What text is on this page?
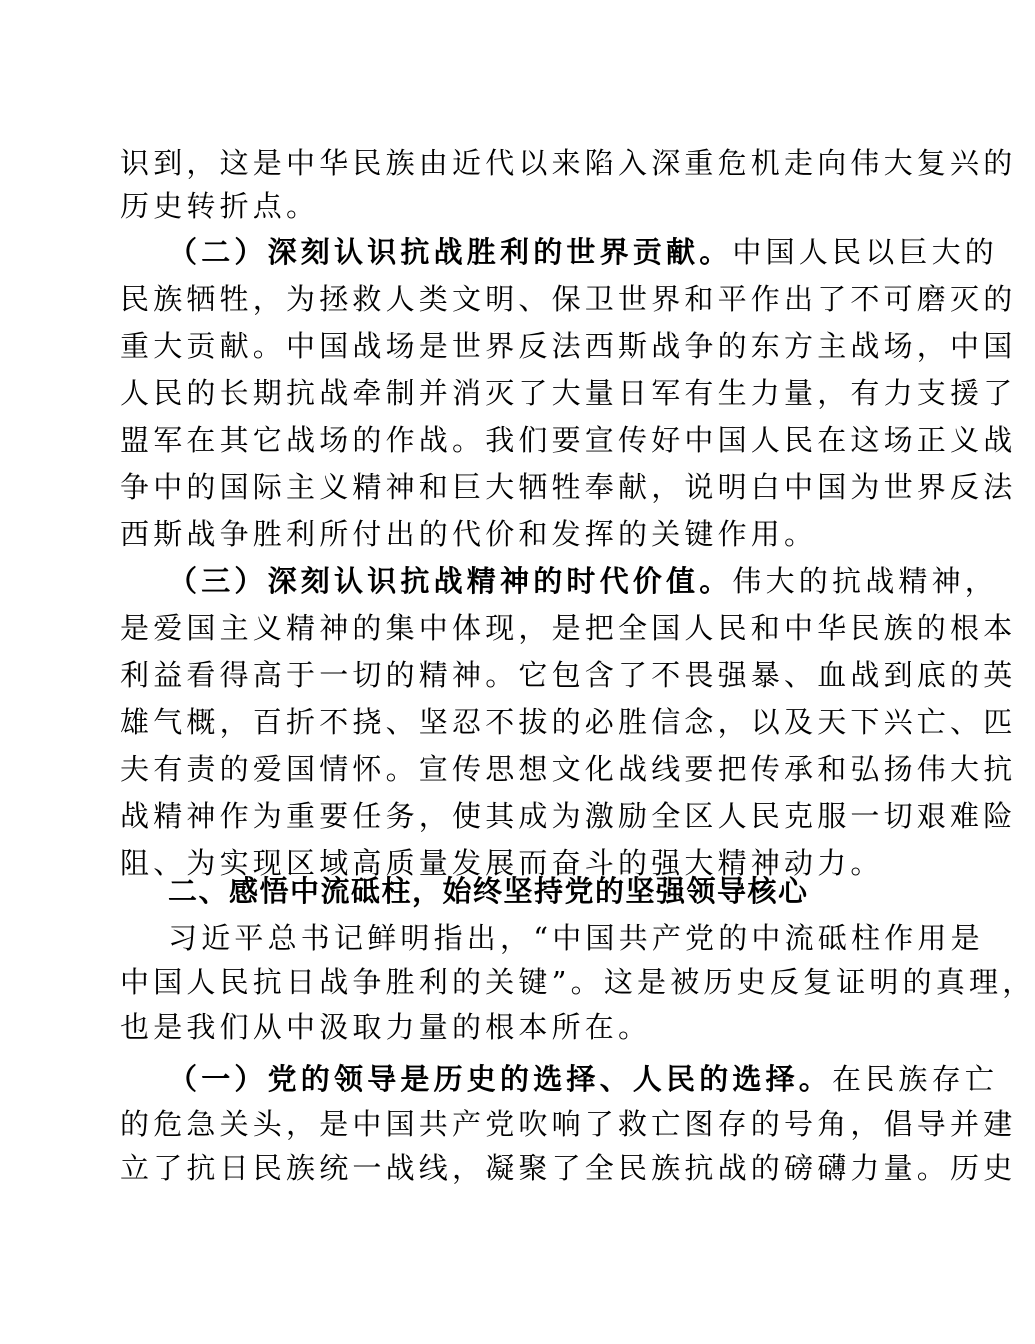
识到，这是中华民族由近代以来陷入深重危机走向伟大复兴的
历史转折点。
（二）深刻认识抗战胜利的世界贡献。中国人民以巨大的
民族牺牲，为拯救人类文明、保卫世界和平作出了不可磨灭的
重大贡献。中国战场是世界反法西斯战争的东方主战场，中国
人民的长期抗战牵制并消灭了大量日军有生力量，有力支援了
盟军在其它战场的作战。我们要宣传好中国人民在这场正义战
争中的国际主义精神和巨大牺牲奉献，说明白中国为世界反法
西斯战争胜利所付出的代价和发挥的关键作用。
（三）深刻认识抗战精神的时代价值。伟大的抗战精神，
是爱国主义精神的集中体现，是把全国人民和中华民族的根本
利益看得高于一切的精神。它包含了不畏强暴、血战到底的英
雄气概，百折不挠、坚忍不拔的必胜信念，以及天下兴亡、匹
夫有责的爱国情怀。宣传思想文化战线要把传承和弘扬伟大抗
战精神作为重要任务，使其成为激励全区人民克服一切艰难险
阻、为实现区域高质量发展而奋斗的强大精神动力。
二、感悟中流砥柱，始终坚持党的坚强领导核心
习近平总书记鲜明指出，“中国共产党的中流砥柱作用是
中国人民抗日战争胜利的关键”。这是被历史反复证明的真理，
也是我们从中汲取力量的根本所在。
（一）党的领导是历史的选择、人民的选择。在民族存亡
的危急关头，是中国共产党吹响了救亡图存的号角，倡导并建
立了抗日民族统一战线，凝聚了全民族抗战的磅礴力量。历史
